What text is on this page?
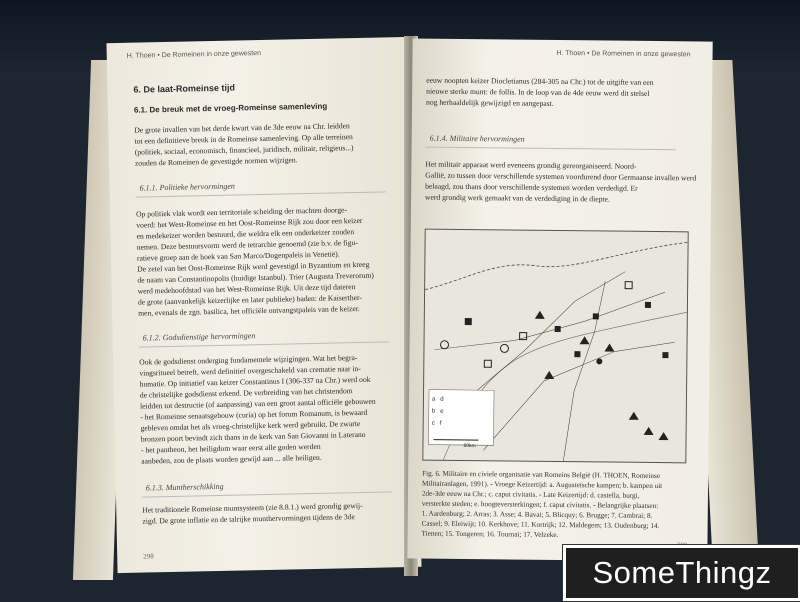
H. Thoen • De Romeinen in onze gewesten
6. De laat-Romeinse tijd
6.1. De breuk met de vroeg-Romeinse samenleving

De grote invallen van het derde kwart van de 3de eeuw na Chr. leidden

tot een definitieve breuk in de Romeinse samenleving. Op alle terreinen

(politiek, sociaal, economisch, financieel, juridisch, militair, religieus...)

zouden de Romeinen de gevestigde normen wijzigen.

6.1.1. Politieke hervormingen

Op politiek vlak wordt een territoriale scheiding der machten doorge-

voerd: het West-Romeinse en het Oost-Romeinse Rijk zou door een keizer

en medekeizer worden bestuurd, die weldra elk een onderkeizer zouden

nemen. Deze bestuursvorm werd de tetrarchie genoemd (zie b.v. de figu-

ratieve groep aan de hoek van San Marco/Dogenpaleis in Venetië).

De zetel van het Oost-Romeinse Rijk werd gevestigd in Byzantium en kreeg

de naam van Constantinopolis (huidige Istanbul). Trier (Augusta Treverorum)

werd medehoofdstad van het West-Romeinse Rijk. Uit deze tijd dateren

de grote (aanvankelijk keizerlijke en later publieke) baden: de Kaiserther-

men, evenals de zgn. basilica, het officiële ontvangstpaleis van de keizer.

6.1.2. Godsdienstige hervormingen

Ook de godsdienst onderging fundamentele wijzigingen. Wat het begra-

vingsritueel betreft, werd definitief overgeschakeld van crematie naar in-

humatie. Op initiatief van keizer Constantinus I (306-337 na Chr.) werd ook

de christelijke godsdienst erkend. De verbreiding van het christendom

leidden tot destructie (of aanpassing) van een groot aantal officiële gebouwen

- het Romeinse senaatsgebouw (curia) op het forum Romanum, is bewaard

gebleven omdat het als vroeg-christelijke kerk werd gebruikt. De zwarte

bronzen poort bevindt zich thans in de kerk van San Giovanni in Laterano

- het pantheon, het heiligdom waar eerst alle goden werden

aanbeden, zou de plaats worden gewijd aan ... alle heiligen.

6.1.3. Muntherschikking

Het traditionele Romeinse muntsysteem (zie 8.8.1.) werd grondig gewij-

zigd. De grote inflatie en de talrijke munthervormingen tijdens de 3de

298
H. Thoen • De Romeinen in onze gewesten

eeuw noopten keizer Diocletianus (284-305 na Chr.) tot de uitgifte van een

nieuwe sterke munt: de follis. In de loop van de 4de eeuw werd dit stelsel

nog herhaaldelijk gewijzigd en aangepast.

6.1.4. Militaire hervormingen

Het militair apparaat werd eveneens grondig gereorganiseerd. Noord-

Gallië, zo tussen door verschillende systemen voordurend door Germaanse invallen werd

belaagd, zou thans door verschillende systemen worden verdedigd. Er

werd grondig werk gemaakt van de verdediging in de diepte.

a d
b e
c f
80km
Fig. 6. Militaire en civiele organisatie van Romeins België (H. THOEN, Romeinse
Militairanlagen, 1991). - Vroege Keizertijd: a. Augusteïsche kampen; b. kampen uit
2de-3de eeuw na Chr.; c. caput civitatis. - Late Keizertijd: d. castella, burgi,
versterkte steden; e. hoogteversterkingen; f. caput civitatis. - Belangrijke plaatsen:
1. Aardenburg; 2. Arras; 3. Asse; 4. Bavai; 5. Blicquy; 6. Brugge; 7. Cambrai; 8.
Cassel; 9. Eleiwijt; 10. Kerkhove; 11. Kortrijk; 12. Maldegem; 13. Oudenburg; 14.
Tienen; 15. Tongeren; 16. Tournai; 17. Velzeke.
SomeThingz
